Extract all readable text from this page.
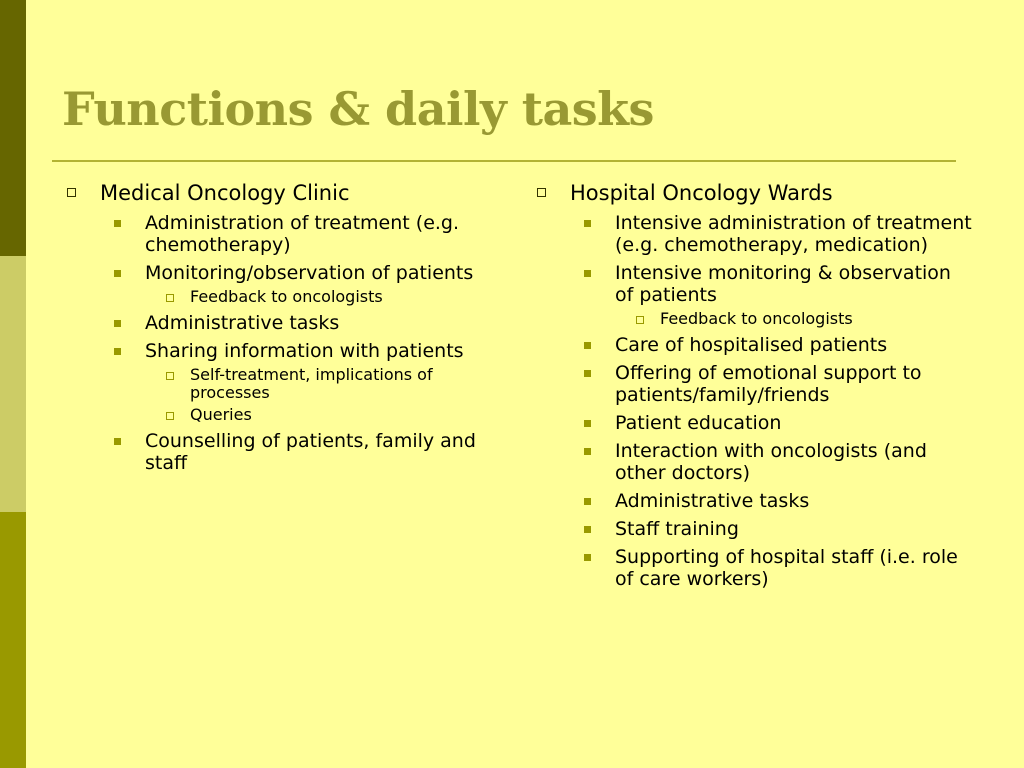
Functions & daily tasks
Medical Oncology Clinic
Administration of treatment (e.g. chemotherapy)
Monitoring/observation of patients
Feedback to oncologists
Administrative tasks
Sharing information with patients
Self-treatment, implications of processes
Queries
Counselling of patients, family and staff
Hospital Oncology Wards
Intensive administration of treatment (e.g. chemotherapy, medication)
Intensive monitoring & observation of patients
Feedback to oncologists
Care of hospitalised patients
Offering of emotional support to patients/family/friends
Patient education
Interaction with oncologists (and other doctors)
Administrative tasks
Staff training
Supporting of hospital staff (i.e. role of care workers)
